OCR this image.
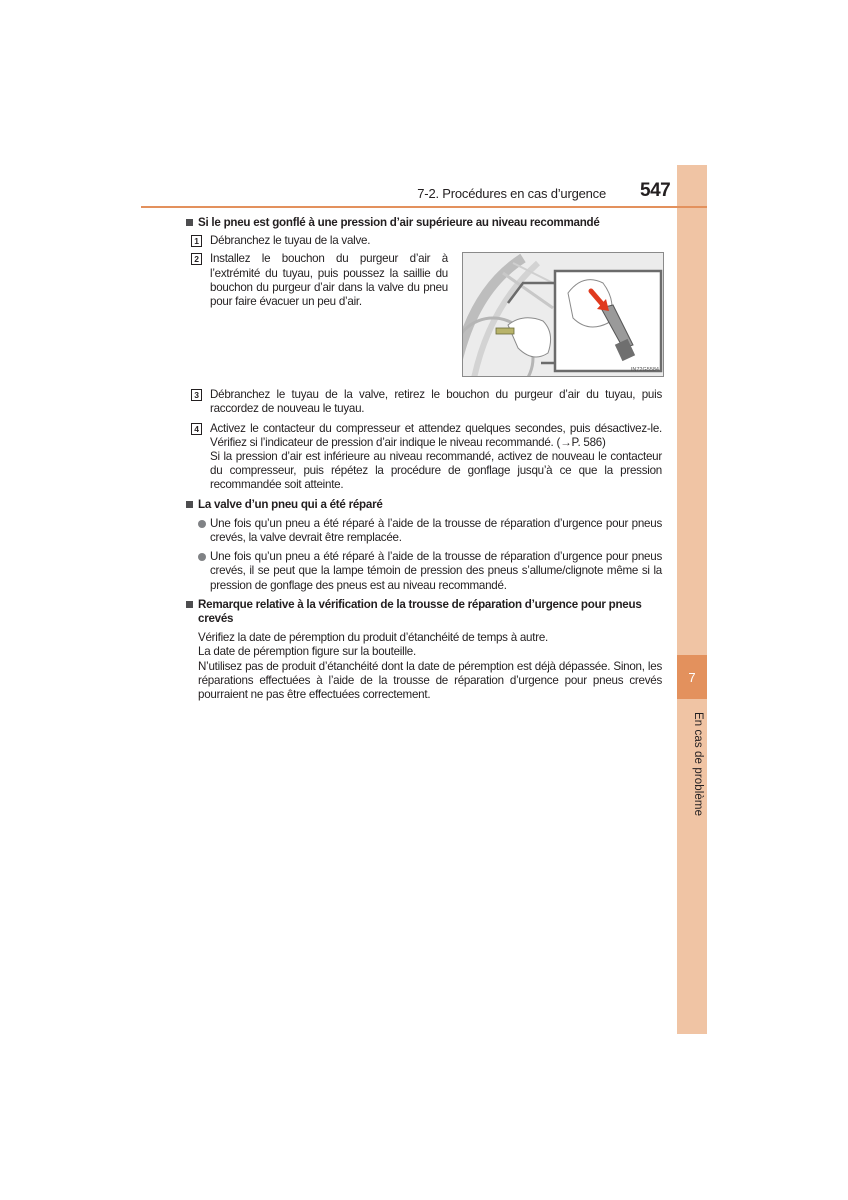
7
En cas de problème
7-2. Procédures en cas d’urgence 547
IN72G5584
Si le pneu est gonflé à une pression d’air supérieure au niveau recommandé
1 Débranchez le tuyau de la valve.
2 Installez le bouchon du purgeur d’air à l’extrémité du tuyau, puis poussez la saillie du bouchon du purgeur d’air dans la valve du pneu pour faire évacuer un peu d’air.
3 Débranchez le tuyau de la valve, retirez le bouchon du purgeur d’air du tuyau, puis raccordez de nouveau le tuyau.
4 Activez le contacteur du compresseur et attendez quelques secondes, puis désactivez-le. Vérifiez si l’indicateur de pression d’air indique le niveau recommandé. (→P. 586)
Si la pression d’air est inférieure au niveau recommandé, activez de nouveau le contacteur du compresseur, puis répétez la procédure de gonflage jusqu’à ce que la pression recommandée soit atteinte.
La valve d’un pneu qui a été réparé
Une fois qu’un pneu a été réparé à l’aide de la trousse de réparation d’urgence pour pneus crevés, la valve devrait être remplacée.
Une fois qu’un pneu a été réparé à l’aide de la trousse de réparation d’urgence pour pneus crevés, il se peut que la lampe témoin de pression des pneus s’allume/clignote même si la pression de gonflage des pneus est au niveau recommandé.
Remarque relative à la vérification de la trousse de réparation d’urgence pour pneus crevés
Vérifiez la date de péremption du produit d’étanchéité de temps à autre.
La date de péremption figure sur la bouteille.
N’utilisez pas de produit d’étanchéité dont la date de péremption est déjà dépassée. Sinon, les réparations effectuées à l’aide de la trousse de réparation d’urgence pour pneus crevés pourraient ne pas être effectuées correctement.
